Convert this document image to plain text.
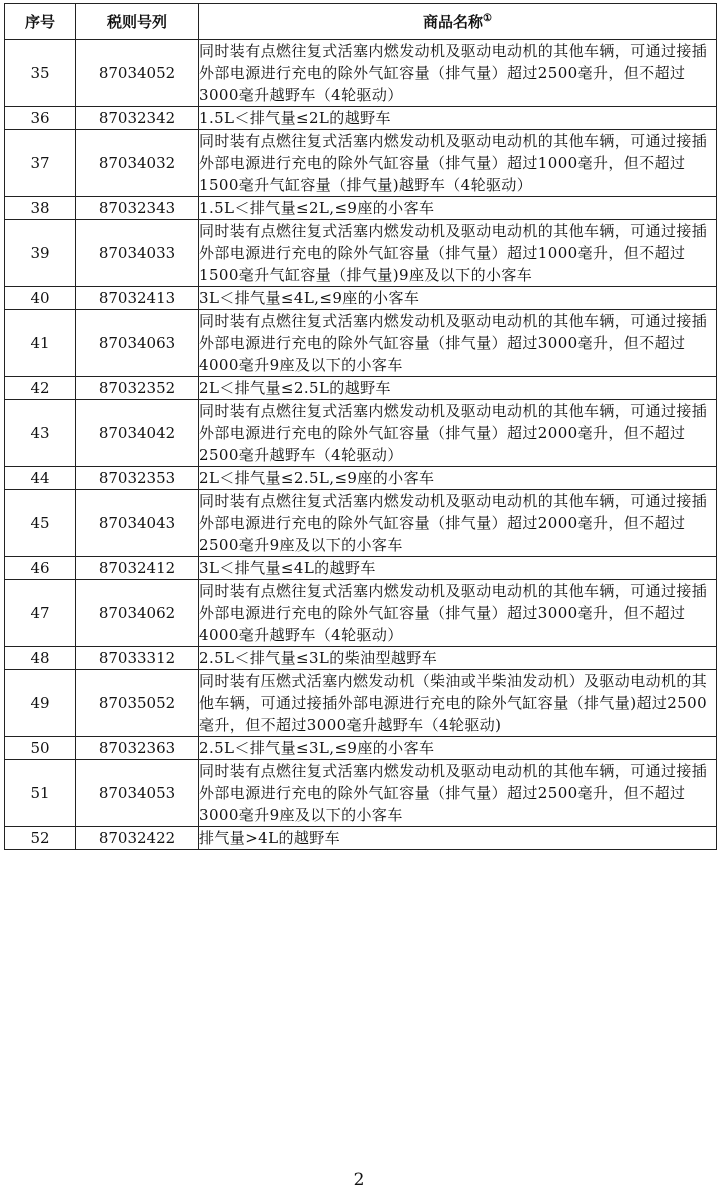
序号	税则号列	商品名称①
35	87034052	同时装有点燃往复式活塞内燃发动机及驱动电动机的其他车辆，可通过接插外部电源进行充电的除外气缸容量（排气量）超过2500毫升，但不超过3000毫升越野车（4轮驱动）
36	87032342	1.5L＜排气量≤2L的越野车
37	87034032	同时装有点燃往复式活塞内燃发动机及驱动电动机的其他车辆，可通过接插外部电源进行充电的除外气缸容量（排气量）超过1000毫升，但不超过1500毫升气缸容量（排气量)越野车（4轮驱动）
38	87032343	1.5L＜排气量≤2L,≤9座的小客车
39	87034033	同时装有点燃往复式活塞内燃发动机及驱动电动机的其他车辆，可通过接插外部电源进行充电的除外气缸容量（排气量）超过1000毫升，但不超过1500毫升气缸容量（排气量)9座及以下的小客车
40	87032413	3L＜排气量≤4L,≤9座的小客车
41	87034063	同时装有点燃往复式活塞内燃发动机及驱动电动机的其他车辆，可通过接插外部电源进行充电的除外气缸容量（排气量）超过3000毫升，但不超过4000毫升9座及以下的小客车
42	87032352	2L＜排气量≤2.5L的越野车
43	87034042	同时装有点燃往复式活塞内燃发动机及驱动电动机的其他车辆，可通过接插外部电源进行充电的除外气缸容量（排气量）超过2000毫升，但不超过2500毫升越野车（4轮驱动）
44	87032353	2L＜排气量≤2.5L,≤9座的小客车
45	87034043	同时装有点燃往复式活塞内燃发动机及驱动电动机的其他车辆，可通过接插外部电源进行充电的除外气缸容量（排气量）超过2000毫升，但不超过2500毫升9座及以下的小客车
46	87032412	3L＜排气量≤4L的越野车
47	87034062	同时装有点燃往复式活塞内燃发动机及驱动电动机的其他车辆，可通过接插外部电源进行充电的除外气缸容量（排气量）超过3000毫升，但不超过4000毫升越野车（4轮驱动）
48	87033312	2.5L＜排气量≤3L的柴油型越野车
49	87035052	同时装有压燃式活塞内燃发动机（柴油或半柴油发动机）及驱动电动机的其他车辆，可通过接插外部电源进行充电的除外气缸容量（排气量)超过2500毫升，但不超过3000毫升越野车（4轮驱动)
50	87032363	2.5L＜排气量≤3L,≤9座的小客车
51	87034053	同时装有点燃往复式活塞内燃发动机及驱动电动机的其他车辆，可通过接插外部电源进行充电的除外气缸容量（排气量）超过2500毫升，但不超过3000毫升9座及以下的小客车
52	87032422	排气量>4L的越野车
2
